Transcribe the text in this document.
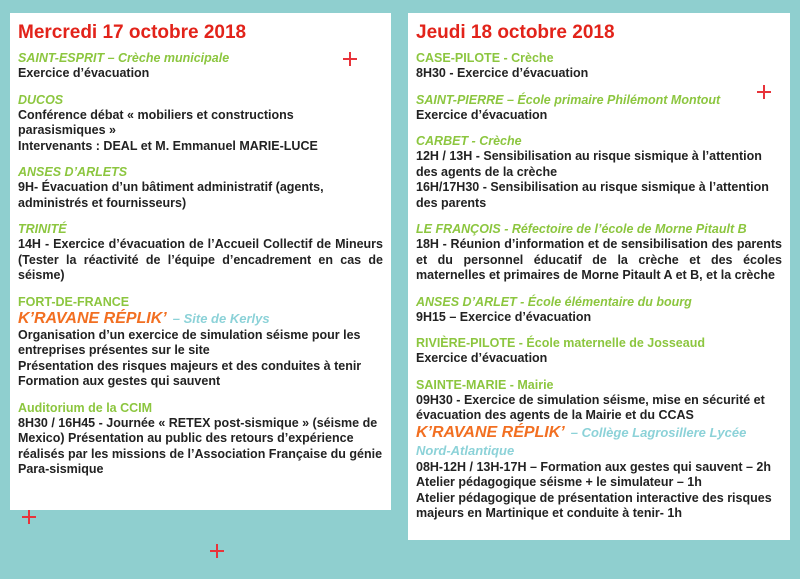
Mercredi 17 octobre 2018
SAINT-ESPRIT – Crèche municipale
Exercice d’évacuation
DUCOS
Conférence débat « mobiliers et constructions parasismiques »
Intervenants : DEAL et M. Emmanuel MARIE-LUCE
ANSES D’ARLETS
9H- Évacuation d’un bâtiment administratif (agents, administrés et fournisseurs)
TRINITÉ
14H - Exercice d’évacuation de l’Accueil Collectif de Mineurs (Tester la réactivité de l’équipe d’encadrement en cas de séisme)
FORT-DE-FRANCE
K’RAVANE RÉPLIK’ – Site de Kerlys
Organisation d’un exercice de simulation séisme pour les entreprises présentes sur le site
Présentation des risques majeurs et des conduites à tenir
Formation aux gestes qui sauvent
Auditorium de la CCIM
8H30 / 16H45 - Journée « RETEX post-sismique » (séisme de Mexico) Présentation au public des retours d’expérience réalisés par les missions de l’Association Française du génie Para-sismique
Jeudi 18 octobre 2018
CASE-PILOTE - Crèche
8H30 - Exercice d’évacuation
SAINT-PIERRE – École primaire Philémont Montout
Exercice d’évacuation
CARBET - Crèche
12H / 13H - Sensibilisation au risque sismique à l’attention des agents de la crèche
16H/17H30 - Sensibilisation au risque sismique à l’attention des parents
LE FRANÇOIS - Réfectoire de l’école de Morne Pitault B
18H - Réunion d’information et de sensibilisation des parents et du personnel éducatif de la crèche et des écoles maternelles et primaires de Morne Pitault A et B, et la crèche
ANSES D’ARLET - École élémentaire du bourg
9H15 – Exercice d’évacuation
RIVIÈRE-PILOTE - École maternelle de Josseaud
Exercice d’évacuation
SAINTE-MARIE - Mairie
09H30 - Exercice de simulation séisme, mise en sécurité et évacuation des agents de la Mairie et du CCAS
K’RAVANE RÉPLIK’ – Collège Lagrosillere Lycée Nord-Atlantique
08H-12H / 13H-17H – Formation aux gestes qui sauvent – 2h
Atelier pédagogique séisme + le simulateur – 1h
Atelier pédagogique de présentation interactive des risques majeurs en Martinique et conduite à tenir- 1h
